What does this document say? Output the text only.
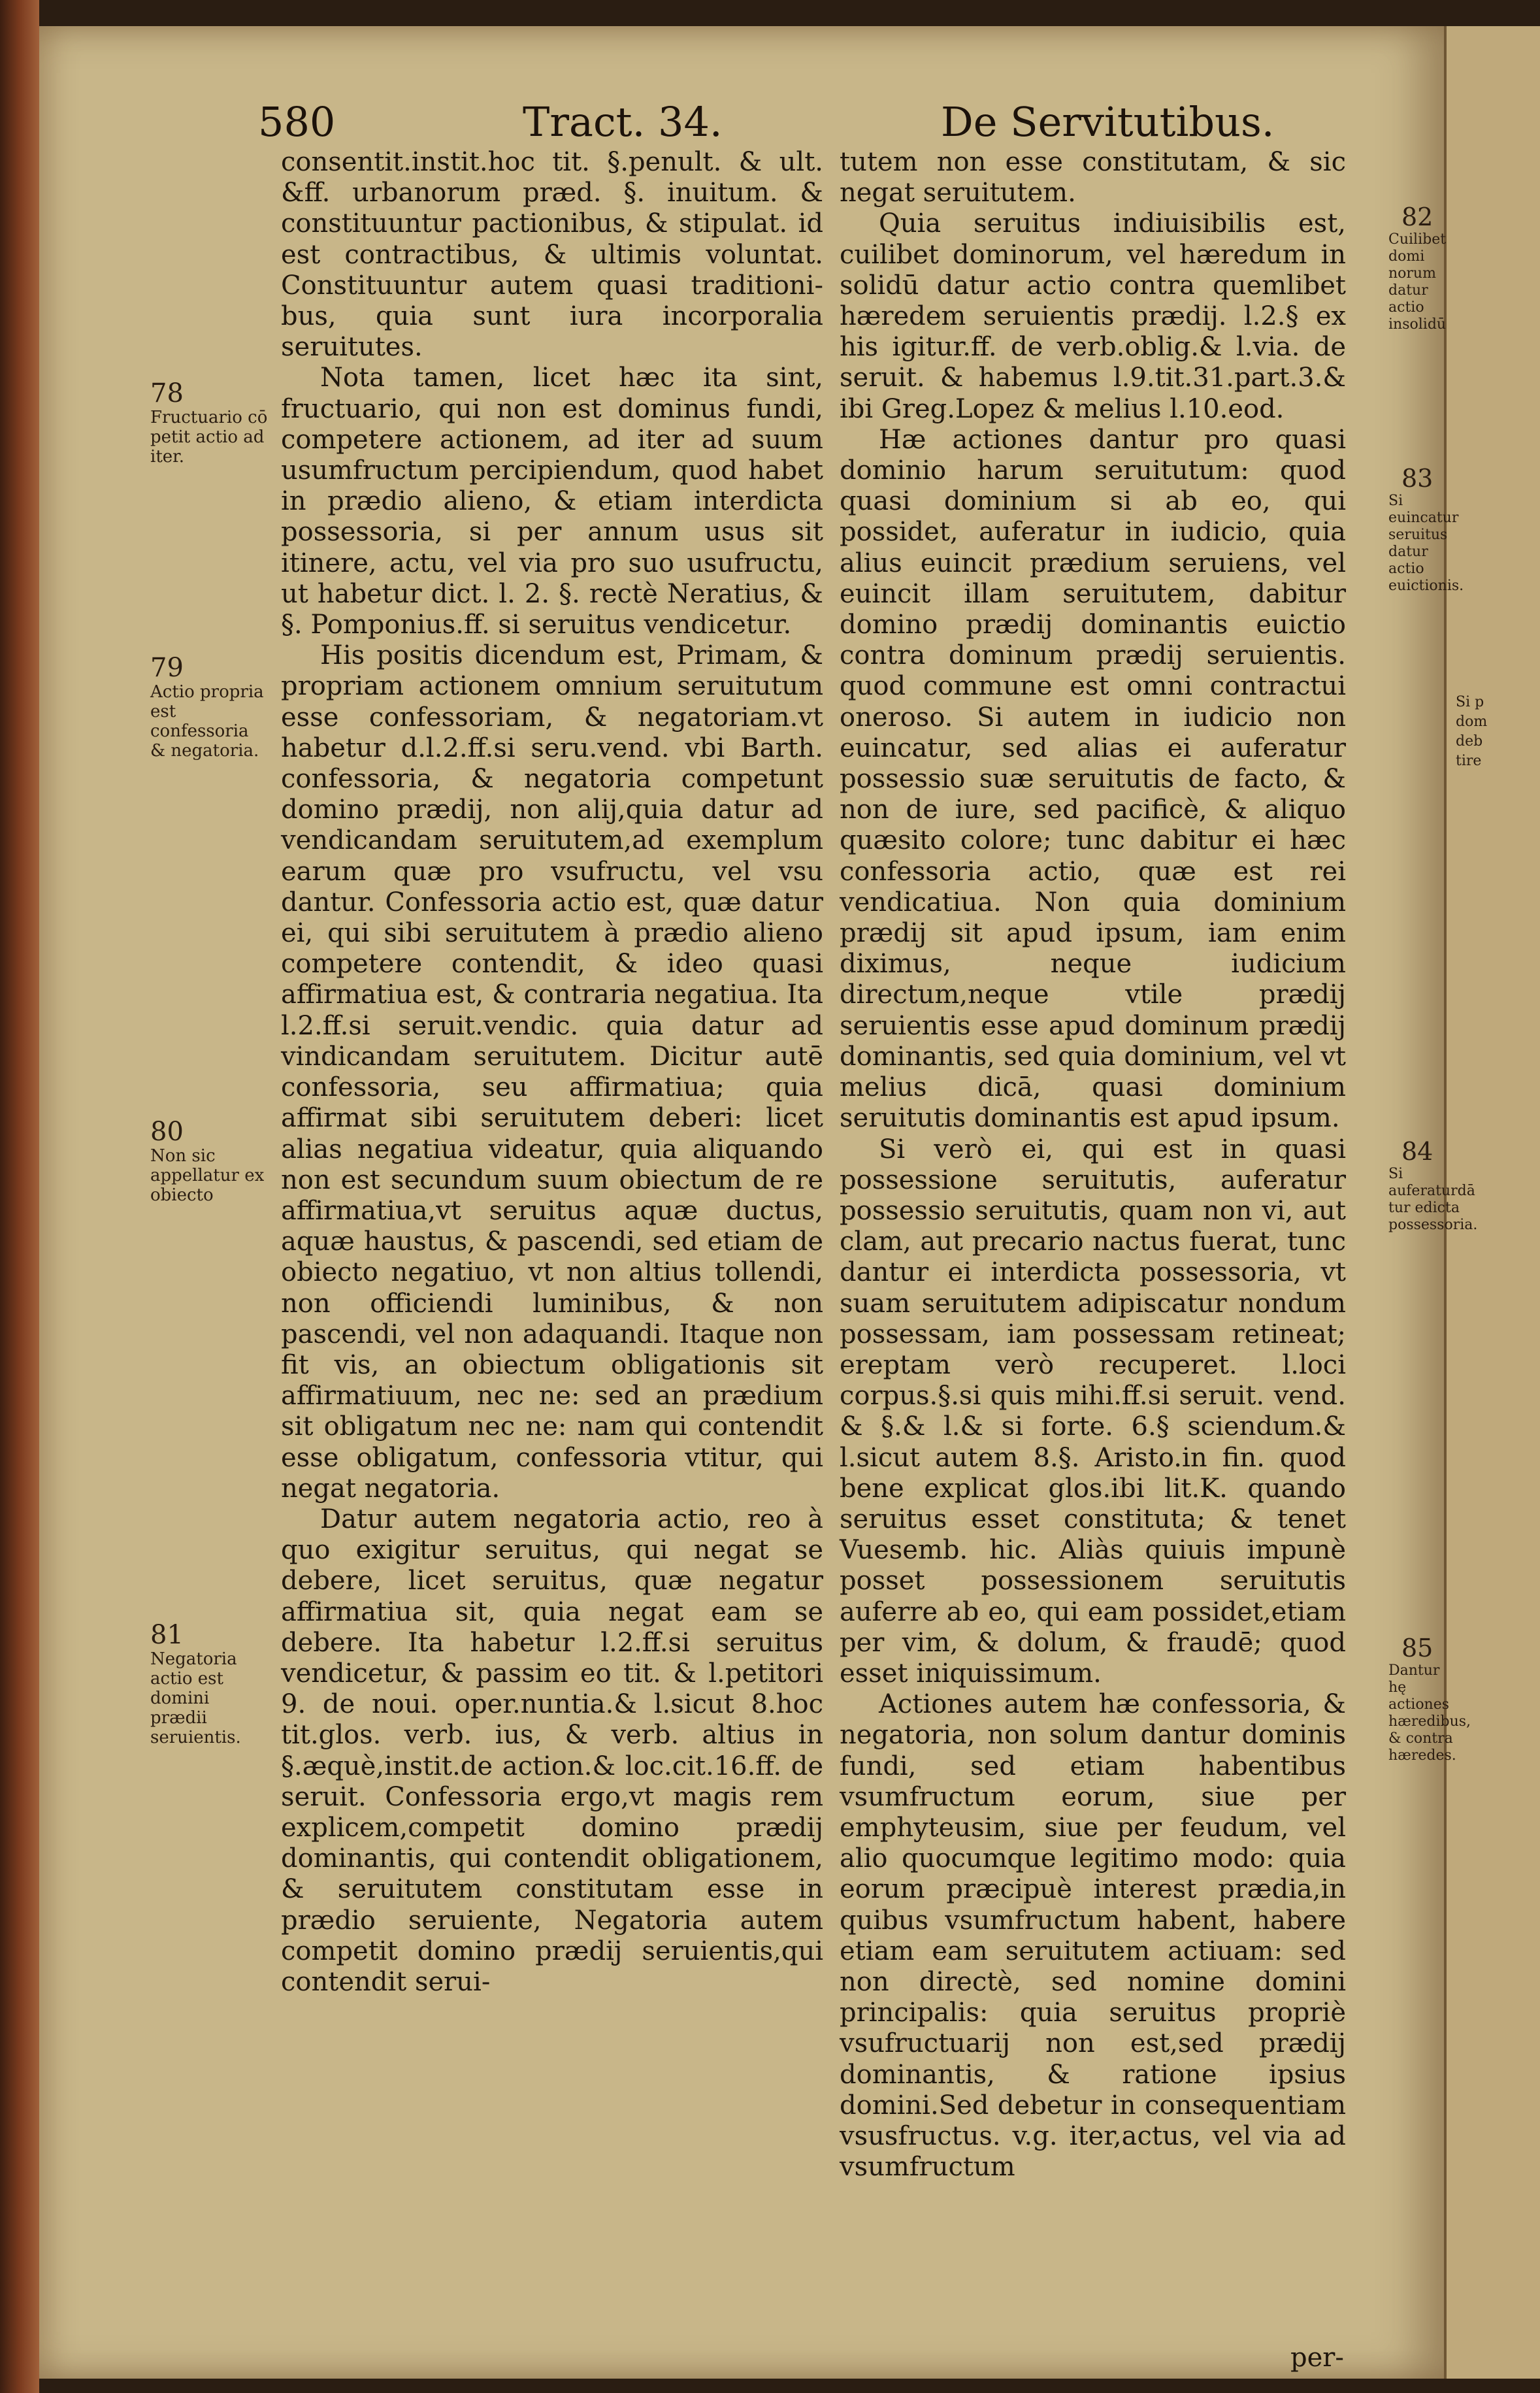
Si p
dom
deb
tire
580	Tract. 34.	De Servitutibus.

consentit.instit.hoc tit. §.penult. & ult. &ff. urbanorum præd. §. inuitum. & constituuntur pactionibus, & stipulat. id est contractibus, & ultimis voluntat. Constituuntur autem quasi traditioni-bus, quia sunt iura incorporalia seruitutes.

Nota tamen, licet hæc ita sint, fructuario, qui non est dominus fundi, competere actionem, ad iter ad suum usumfructum percipiendum, quod habet in prædio alieno, & etiam interdicta possessoria, si per annum usus sit itinere, actu, vel via pro suo usufructu, ut habetur dict. l. 2. §. rectè Neratius, & §. Pomponius.ff. si seruitus vendicetur.

His positis dicendum est, Primam, & propriam actionem omnium seruitutum esse confessoriam, & negatoriam.vt habetur d.l.2.ff.si seru.vend. vbi Barth. confessoria, & negatoria competunt domino prædij, non alij,quia datur ad vendicandam seruitutem,ad exemplum earum quæ pro vsufructu, vel vsu dantur. Confessoria actio est, quæ datur ei, qui sibi seruitutem à prædio alieno competere contendit, & ideo quasi affirmatiua est, & contraria negatiua. Ita l.2.ff.si seruit.vendic. quia datur ad vindicandam seruitutem. Dicitur autē confessoria, seu affirmatiua; quia affirmat sibi seruitutem deberi: licet alias negatiua videatur, quia aliquando non est secundum suum obiectum de re affirmatiua,vt seruitus aquæ ductus, aquæ haustus, & pascendi, sed etiam de obiecto negatiuo, vt non altius tollendi, non officiendi luminibus, & non pascendi, vel non adaquandi. Itaque non fit vis, an obiectum obligationis sit affirmatiuum, nec ne: sed an prædium sit obligatum nec ne: nam qui contendit esse obligatum, confessoria vtitur, qui negat negatoria.

Datur autem negatoria actio, reo à quo exigitur seruitus, qui negat se debere, licet seruitus, quæ negatur affirmatiua sit, quia negat eam se debere. Ita habetur l.2.ff.si seruitus vendicetur, & passim eo tit. & l.petitori 9. de noui. oper.nuntia.& l.sicut 8.hoc tit.glos. verb. ius, & verb. altius in §.æquè,instit.de action.& loc.cit.16.ff. de seruit. Confessoria ergo,vt magis rem explicem,competit domino prædij dominantis, qui contendit obligationem, & seruitutem constitutam esse in prædio seruiente, Negatoria autem competit domino prædij seruientis,qui contendit serui-

tutem non esse constitutam, & sic negat seruitutem.

Quia seruitus indiuisibilis est, cuilibet dominorum, vel hæredum in solidū datur actio contra quemlibet hæredem seruientis prædij. l.2.§ ex his igitur.ff. de verb.oblig.& l.via. de seruit. & habemus l.9.tit.31.part.3.& ibi Greg.Lopez & melius l.10.eod.

Hæ actiones dantur pro quasi dominio harum seruitutum: quod quasi dominium si ab eo, qui possidet, auferatur in iudicio, quia alius euincit prædium seruiens, vel euincit illam seruitutem, dabitur domino prædij dominantis euictio contra dominum prædij seruientis. quod commune est omni contractui oneroso. Si autem in iudicio non euincatur, sed alias ei auferatur possessio suæ seruitutis de facto, & non de iure, sed pacificè, & aliquo quæsito colore; tunc dabitur ei hæc confessoria actio, quæ est rei vendicatiua. Non quia dominium prædij sit apud ipsum, iam enim diximus, neque iudicium directum,neque vtile prædij seruientis esse apud dominum prædij dominantis, sed quia dominium, vel vt melius dicā, quasi dominium seruitutis dominantis est apud ipsum.

Si verò ei, qui est in quasi possessione seruitutis, auferatur possessio seruitutis, quam non vi, aut clam, aut precario nactus fuerat, tunc dantur ei interdicta possessoria, vt suam seruitutem adipiscatur nondum possessam, iam possessam retineat; ereptam verò recuperet. l.loci corpus.§.si quis mihi.ff.si seruit. vend. & §.& l.& si forte. 6.§ sciendum.& l.sicut autem 8.§. Aristo.in fin. quod bene explicat glos.ibi lit.K. quando seruitus esset constituta; & tenet Vuesemb. hic. Aliàs quiuis impunè posset possessionem seruitutis auferre ab eo, qui eam possidet,etiam per vim, & dolum, & fraudē; quod esset iniquissimum.

Actiones autem hæ confessoria, & negatoria, non solum dantur dominis fundi, sed etiam habentibus vsumfructum eorum, siue per emphyteusim, siue per feudum, vel alio quocumque legitimo modo: quia eorum præcipuè interest prædia,in quibus vsumfructum habent, habere etiam eam seruitutem actiuam: sed non directè, sed nomine domini principalis: quia seruitus propriè vsufructuarij non est,sed prædij dominantis, & ratione ipsius domini.Sed debetur in consequentiam vsusfructus. v.g. iter,actus, vel via ad vsumfructum

78
Fructuario cō petit actio ad iter.
79
Actio propria est confessoria & negatoria.
80
Non sic appellatur ex obiecto
81
Negatoria actio est domini prædii seruientis.
82
Cuilibet domi norum datur actio insolidū
83
Si euincatur seruitus datur actio euictionis.
84
Si auferaturdā tur edicta possessoria.
85
Dantur hę actiones hæredibus, & contra hæredes.
per-
